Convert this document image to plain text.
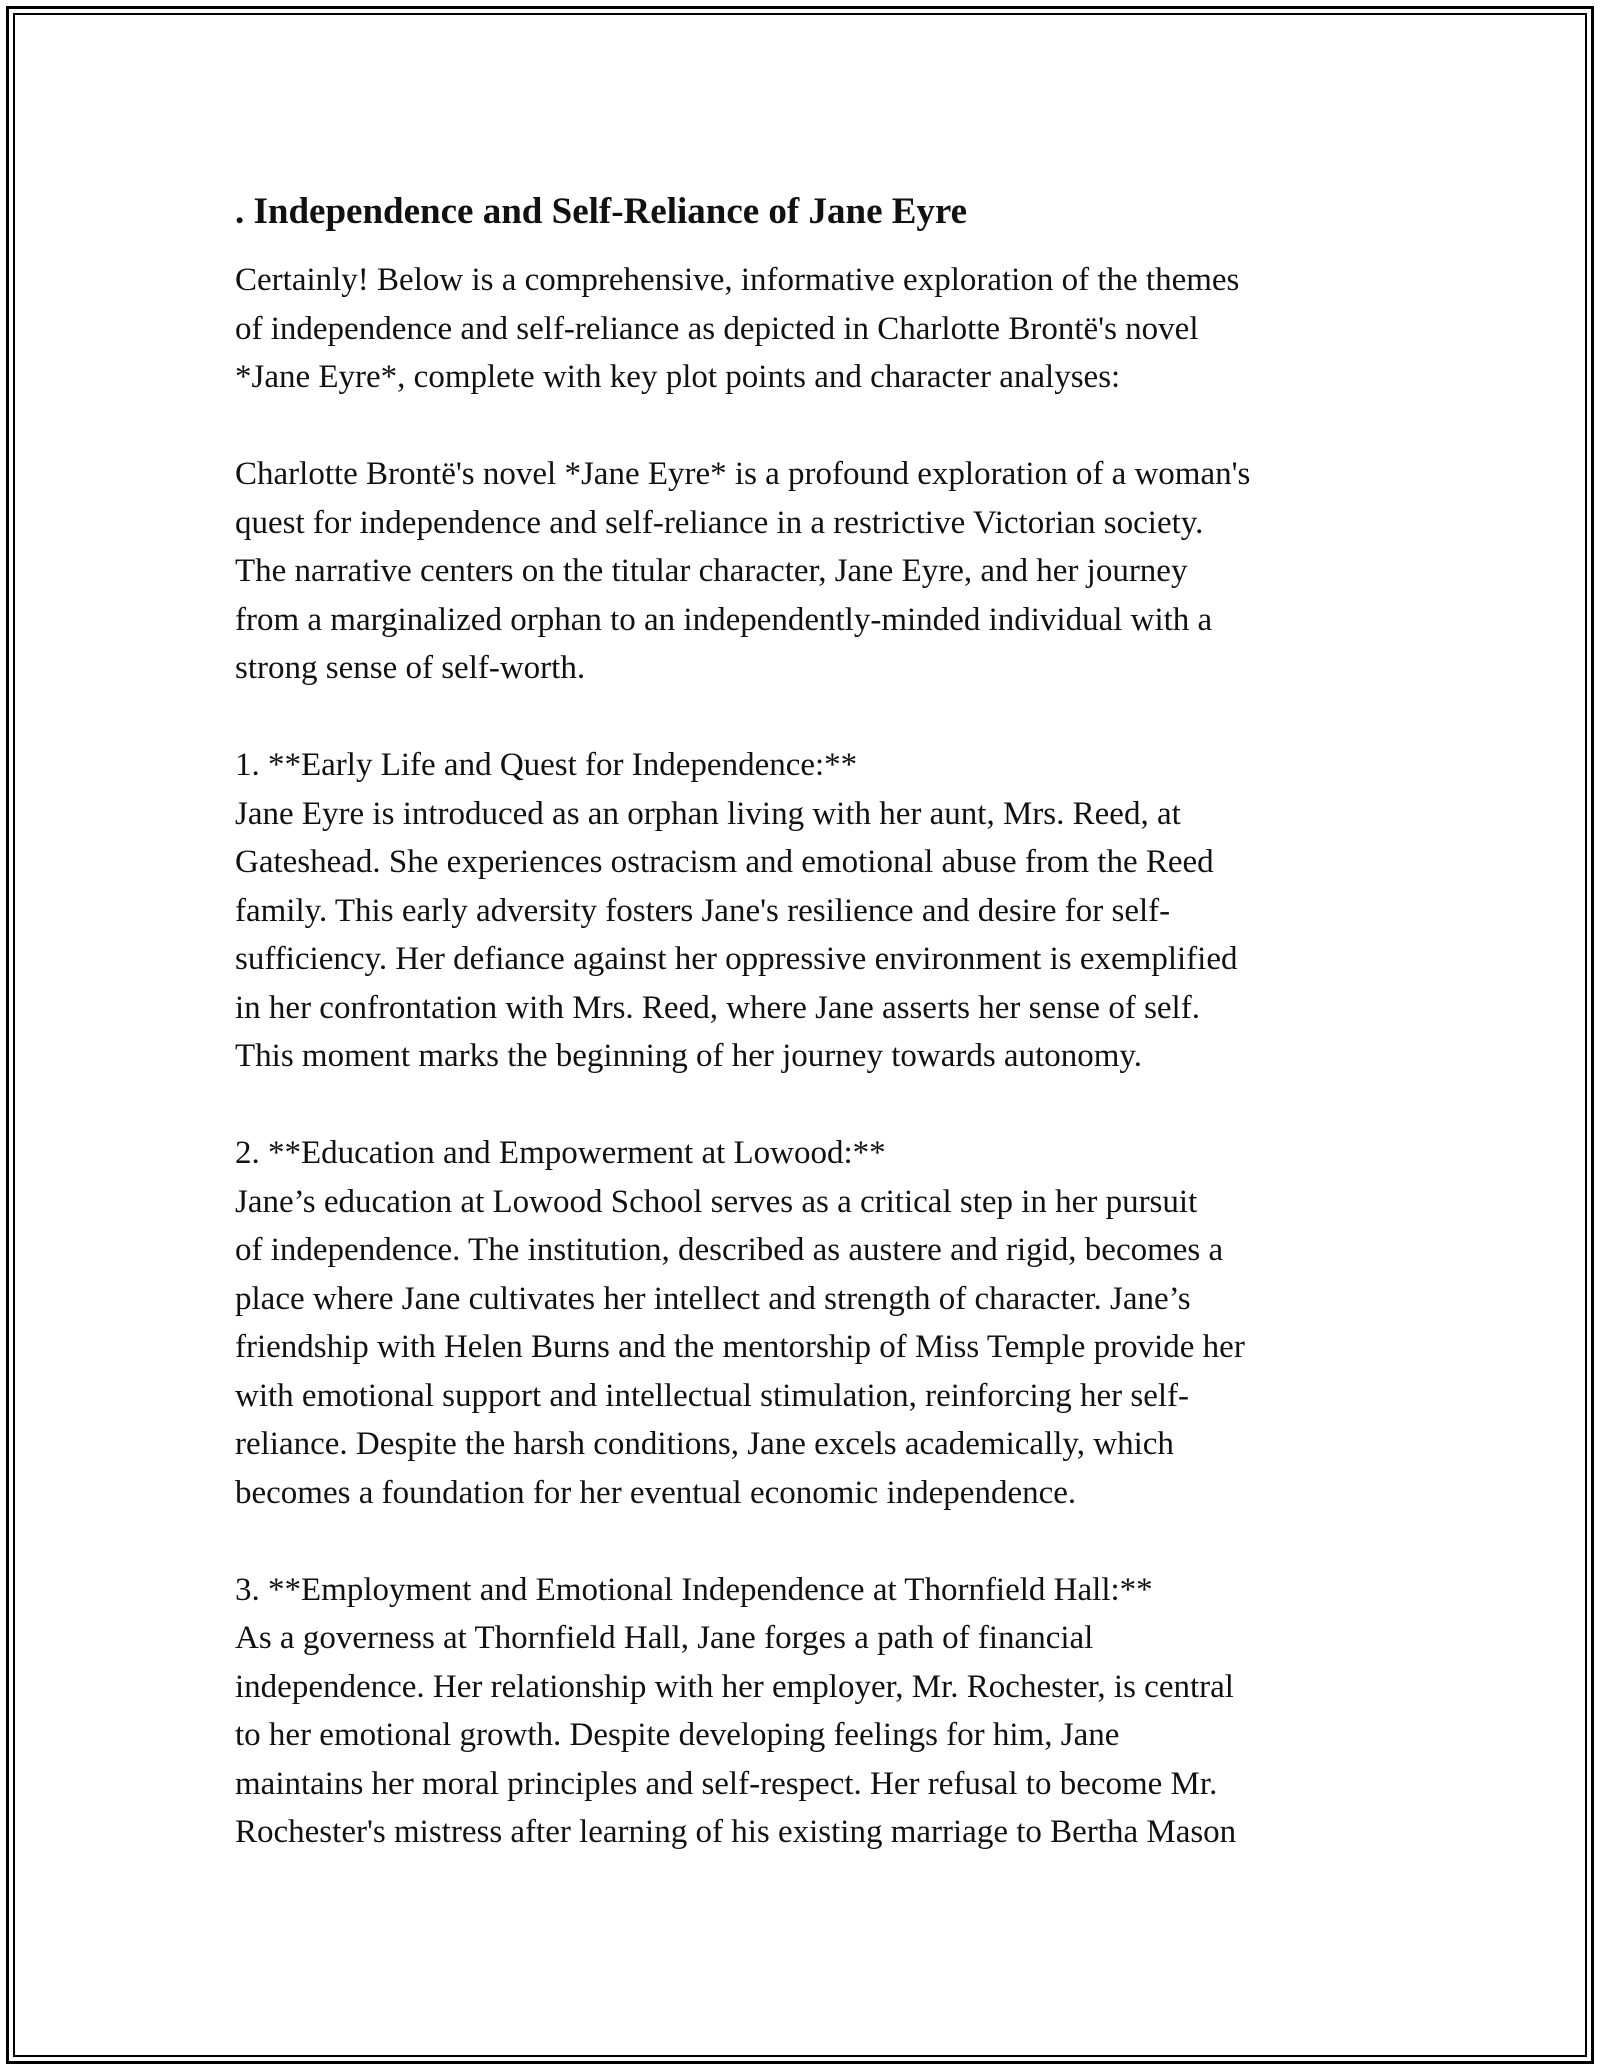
. Independence and Self-Reliance of Jane Eyre
Certainly! Below is a comprehensive, informative exploration of the themes
of independence and self-reliance as depicted in Charlotte Brontë's novel
*Jane Eyre*, complete with key plot points and character analyses:
Charlotte Brontë's novel *Jane Eyre* is a profound exploration of a woman's
quest for independence and self-reliance in a restrictive Victorian society.
The narrative centers on the titular character, Jane Eyre, and her journey
from a marginalized orphan to an independently-minded individual with a
strong sense of self-worth.
1. **Early Life and Quest for Independence:**
Jane Eyre is introduced as an orphan living with her aunt, Mrs. Reed, at
Gateshead. She experiences ostracism and emotional abuse from the Reed
family. This early adversity fosters Jane's resilience and desire for self-
sufficiency. Her defiance against her oppressive environment is exemplified
in her confrontation with Mrs. Reed, where Jane asserts her sense of self.
This moment marks the beginning of her journey towards autonomy.
2. **Education and Empowerment at Lowood:**
Jane’s education at Lowood School serves as a critical step in her pursuit
of independence. The institution, described as austere and rigid, becomes a
place where Jane cultivates her intellect and strength of character. Jane’s
friendship with Helen Burns and the mentorship of Miss Temple provide her
with emotional support and intellectual stimulation, reinforcing her self-
reliance. Despite the harsh conditions, Jane excels academically, which
becomes a foundation for her eventual economic independence.
3. **Employment and Emotional Independence at Thornfield Hall:**
As a governess at Thornfield Hall, Jane forges a path of financial
independence. Her relationship with her employer, Mr. Rochester, is central
to her emotional growth. Despite developing feelings for him, Jane
maintains her moral principles and self-respect. Her refusal to become Mr.
Rochester's mistress after learning of his existing marriage to Bertha Mason
